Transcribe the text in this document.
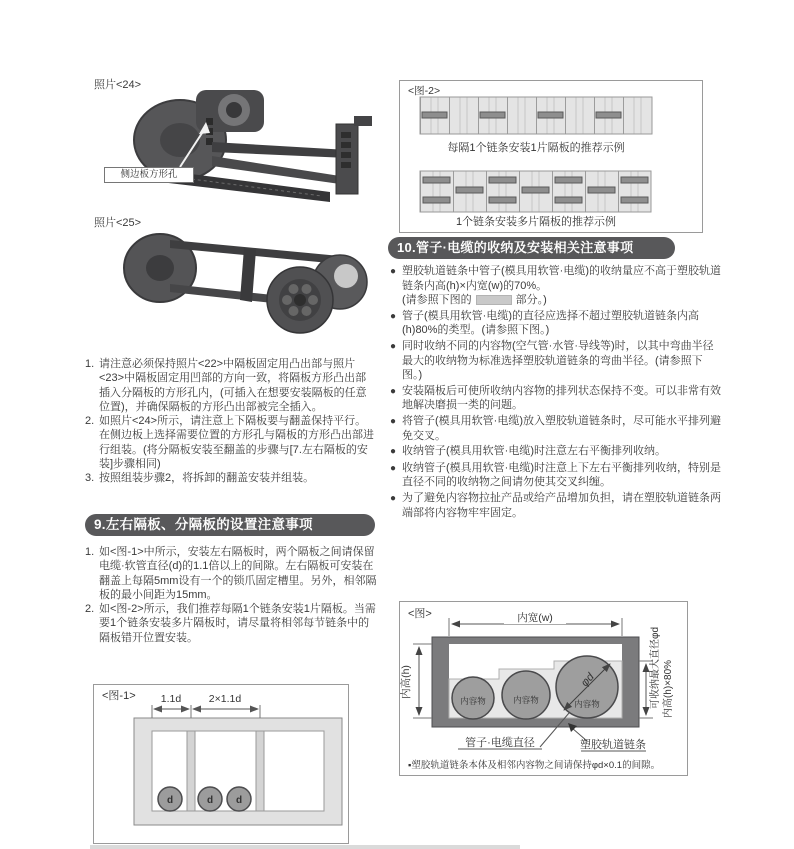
照片<24>
侧边板方形孔
照片<25>
1. 请注意必须保持照片<22>中隔板固定用凸出部与照片<23>中隔板固定用凹部的方向一致，将隔板方形凸出部插入分隔板的方形孔内，(可插入在想要安装隔板的任意位置)，并确保隔板的方形凸出部被完全插入。
2. 如照片<24>所示，请注意上下隔板要与翻盖保持平行。在侧边板上选择需要位置的方形孔与隔板的方形凸出部进行组装。(将分隔板安装至翻盖的步骤与[7.左右隔板的安装]步骤相同)
3. 按照组装步骤2，将拆卸的翻盖安装并组装。
9.左右隔板、分隔板的设置注意事项
1. 如<图-1>中所示，安装左右隔板时，两个隔板之间请保留电缆·软管直径(d)的1.1倍以上的间隙。左右隔板可安装在翻盖上每隔5mm设有一个的锁爪固定槽里。另外，相邻隔板的最小间距为15mm。
2. 如<图-2>所示，我们推荐每隔1个链条安装1片隔板。当需要1个链条安装多片隔板时，请尽量将相邻每节链条中的隔板错开位置安装。
<图-1> 1.1d	2×1.1d
d	d d
<图-2>
每隔1个链条安装1片隔板的推荐示例
1个链条安装多片隔板的推荐示例
10.管子·电缆的收纳及安装相关注意事项
● 塑胶轨道链条中管子(模具用软管·电缆)的收纳量应不高于塑胶轨道链条内高(h)×内宽(w)的70%。
(请参照下图的	部分。)
● 管子(模具用软管·电缆)的直径应选择不超过塑胶轨道链条内高(h)80%的类型。(请参照下图。)
● 同时收纳不同的内容物(空气管·水管·导线等)时，以其中弯曲半径最大的收纳物为标准选择塑胶轨道链条的弯曲半径。(请参照下图。)
● 安装隔板后可使所收纳内容物的排列状态保持不变。可以非常有效地解决磨损一类的问题。
● 将管子(模具用软管·电缆)放入塑胶轨道链条时，尽可能水平排列避免交叉。
● 收纳管子(模具用软管·电缆)时注意左右平衡排列收纳。
● 收纳管子(模具用软管·电缆)时注意上下左右平衡排列收纳，特别是直径不同的收纳物之间请勿使其交叉纠缠。
● 为了避免内容物拉扯产品或给产品增加负担，请在塑胶轨道链条两端部将内容物牢牢固定。
<图>	内宽(w)
内高(h)
内容物	内容物	内容物
φd	可收纳最大直径φd 内高(h)×80%
管子·电缆直径	塑胶轨道链条
▪塑胶轨道链条本体及相邻内容物之间请保持φd×0.1的间隙。
